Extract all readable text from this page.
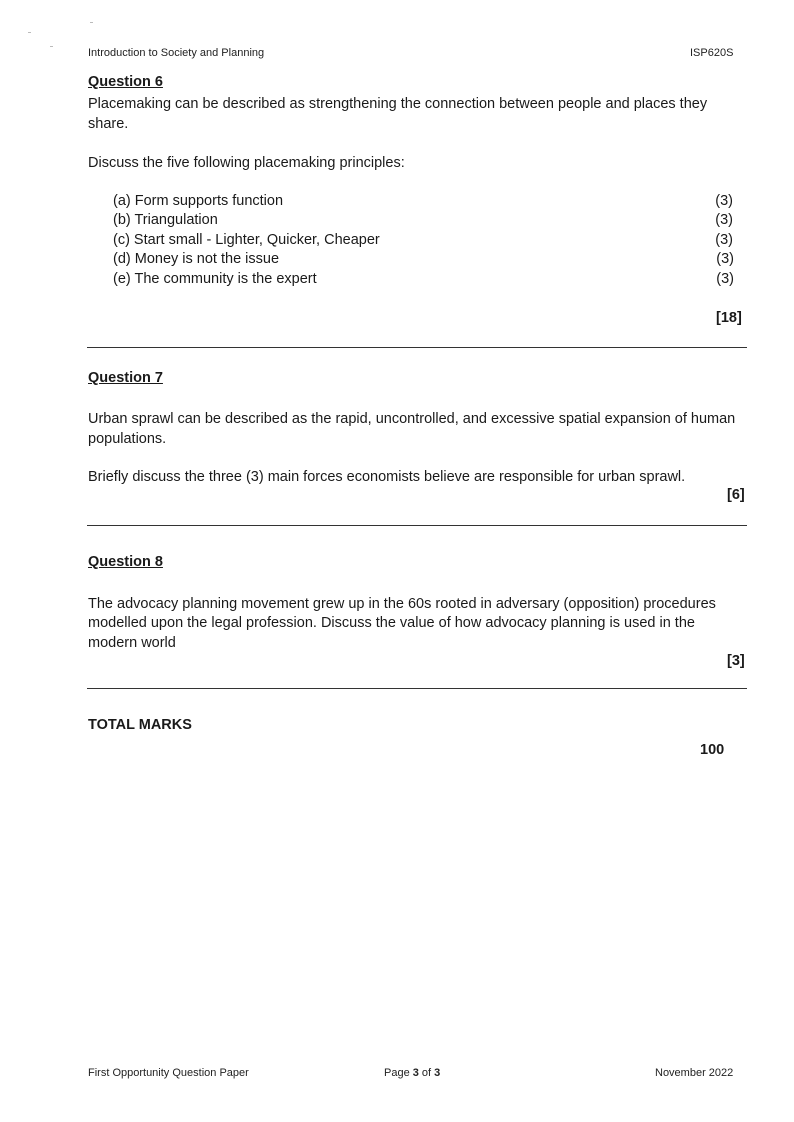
Introduction to Society and Planning	ISP620S
Question 6
Placemaking can be described as strengthening the connection between people and places they
share.
Discuss the five following placemaking principles:
(a) Form supports function	(3)
(b) Triangulation	(3)
(c) Start small - Lighter, Quicker, Cheaper	(3)
(d) Money is not the issue	(3)
(e) The community is the expert	(3)
[18]
Question 7
Urban sprawl can be described as the rapid, uncontrolled, and excessive spatial expansion of human
populations.
Briefly discuss the three (3) main forces economists believe are responsible for urban sprawl.
[6]
Question 8
The advocacy planning movement grew up in the 60s rooted in adversary (opposition) procedures
modelled upon the legal profession. Discuss the value of how advocacy planning is used in the
modern world
[3]
TOTAL MARKS
100
First Opportunity Question Paper	Page 3 of 3	November 2022
